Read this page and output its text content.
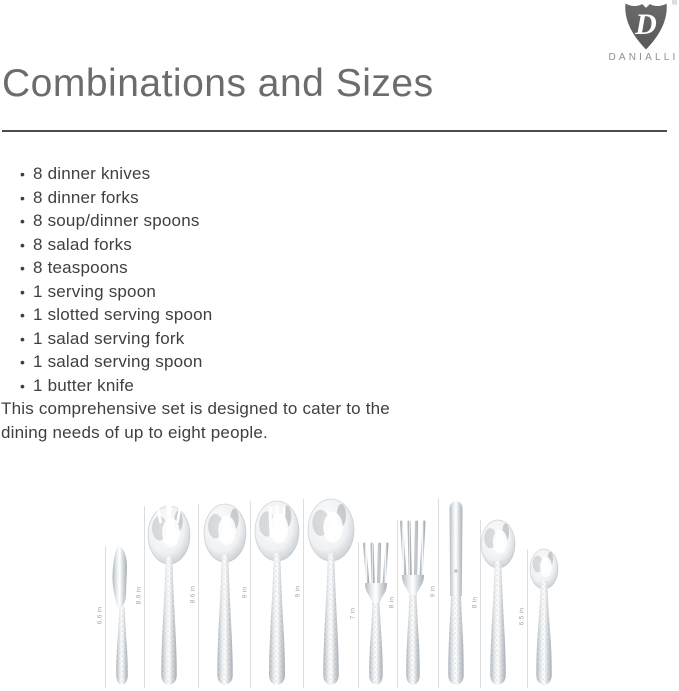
D
®
DANIALLI
Combinations and Sizes
• 8 dinner knives
• 8 dinner forks
• 8 soup/dinner spoons
• 8 salad forks
• 8 teaspoons
• 1 serving spoon
• 1 slotted serving spoon
• 1 salad serving fork
• 1 salad serving spoon
• 1 butter knife
This comprehensive set is designed to cater to the dining needs of up to eight people.
6.6 in
8.6 in	8.6 in	9 in	9 in
7 in
8 in
9 in
8 in
6.5 in
